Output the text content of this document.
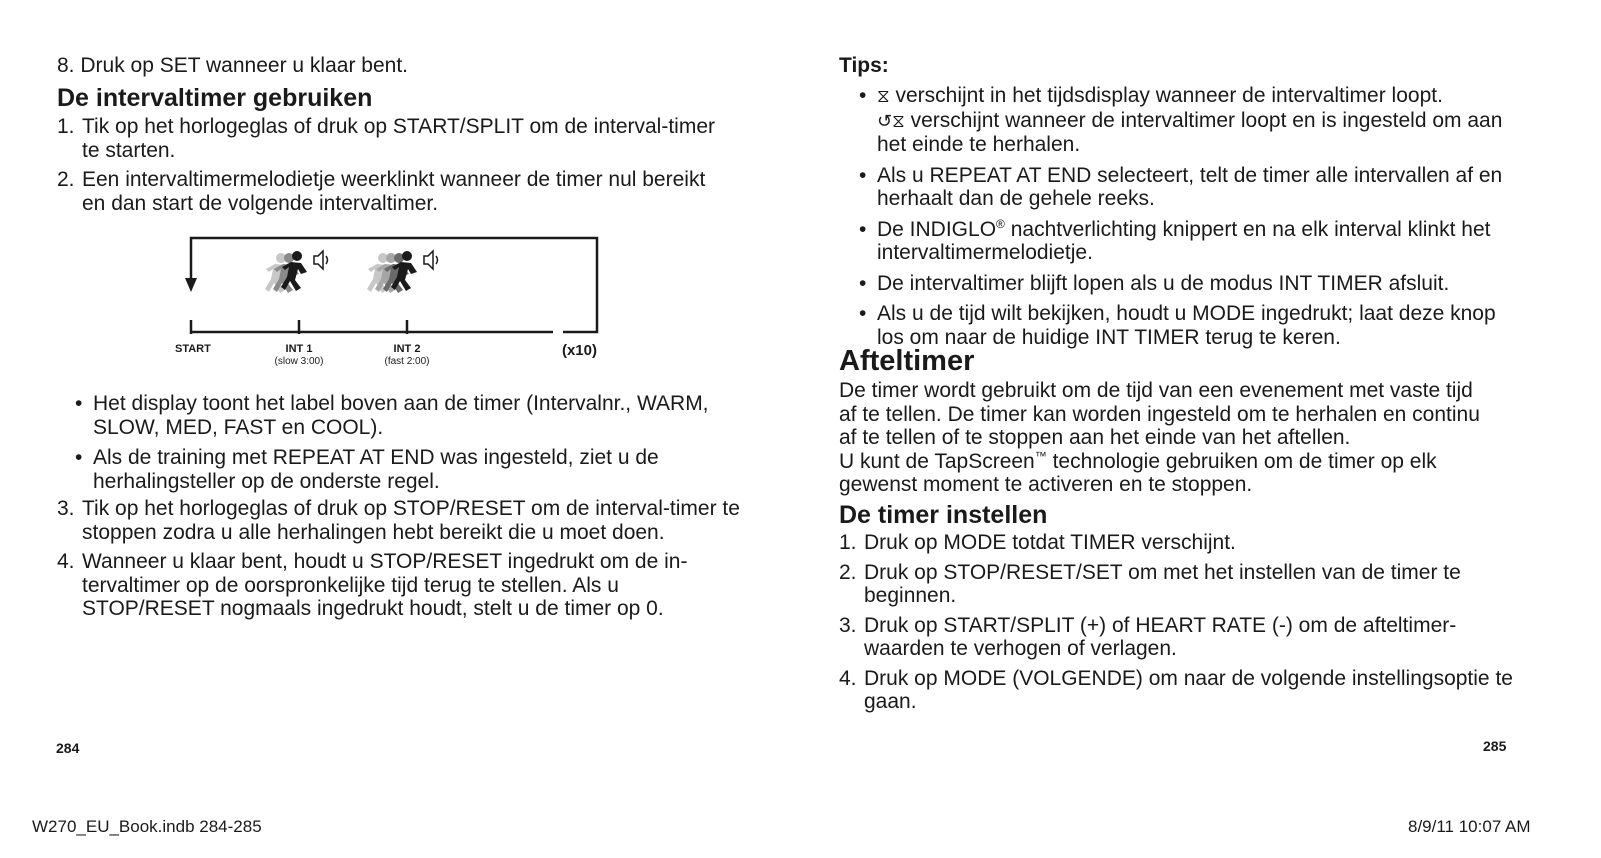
8. Druk op SET wanneer u klaar bent.

De intervaltimer gebruiken
1. Tik op het horlogeglas of druk op START/SPLIT om de interval-timer te starten.
2. Een intervaltimermelodietje weerklinkt wanneer de timer nul bereikt en dan start de volgende intervaltimer.
START	INT 1	INT 2	(x10)
(slow 3:00)	(fast 2:00)
• Het display toont het label boven aan de timer (Intervalnr., WARM, SLOW, MED, FAST en COOL).
• Als de training met REPEAT AT END was ingesteld, ziet u de herhalingsteller op de onderste regel.
3. Tik op het horlogeglas of druk op STOP/RESET om de interval-timer te stoppen zodra u alle herhalingen hebt bereikt die u moet doen.
4. Wanneer u klaar bent, houdt u STOP/RESET ingedrukt om de in-tervaltimer op de oorspronkelijke tijd terug te stellen. Als u STOP/RESET nogmaals ingedrukt houdt, stelt u de timer op 0.
284

Tips:

• ⧖ verschijnt in het tijdsdisplay wanneer de intervaltimer loopt.
↺⧖ verschijnt wanneer de intervaltimer loopt en is ingesteld om aan het einde te herhalen.
• Als u REPEAT AT END selecteert, telt de timer alle intervallen af en herhaalt dan de gehele reeks.
• De INDIGLO® nachtverlichting knippert en na elk interval klinkt het intervaltimermelodietje.
• De intervaltimer blijft lopen als u de modus INT TIMER afsluit.
• Als u de tijd wilt bekijken, houdt u MODE ingedrukt; laat deze knop los om naar de huidige INT TIMER terug te keren.
Afteltimer

De timer wordt gebruikt om de tijd van een evenement met vaste tijd af te tellen. De timer kan worden ingesteld om te herhalen en continu af te tellen of te stoppen aan het einde van het aftellen.
U kunt de TapScreen™ technologie gebruiken om de timer op elk gewenst moment te activeren en te stoppen.

De timer instellen
1. Druk op MODE totdat TIMER verschijnt.
2. Druk op STOP/RESET/SET om met het instellen van de timer te beginnen.
3. Druk op START/SPLIT (+) of HEART RATE (-) om de afteltimer-waarden te verhogen of verlagen.
4. Druk op MODE (VOLGENDE) om naar de volgende instellingsoptie te gaan.
285
W270_EU_Book.indb 284-285	8/9/11 10:07 AM
